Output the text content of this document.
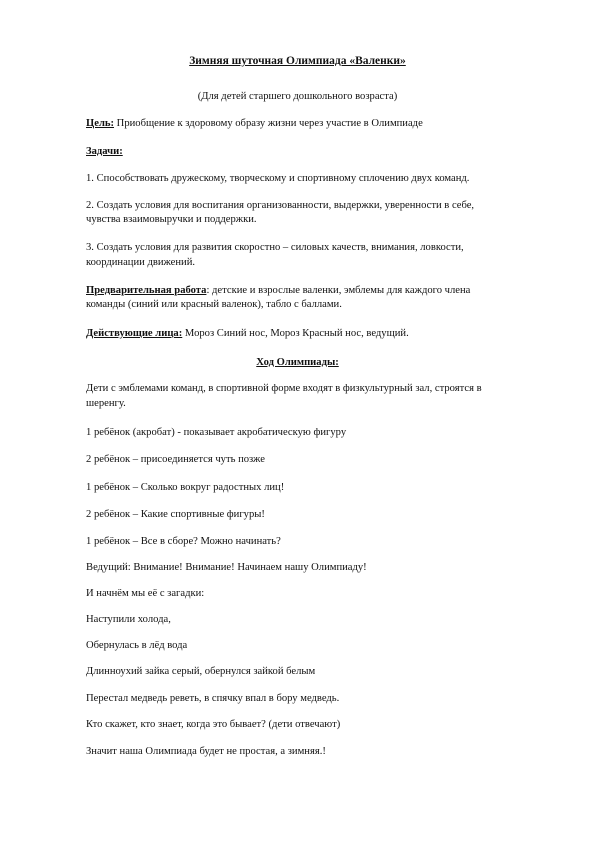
Зимняя шуточная Олимпиада «Валенки»
(Для детей старшего дошкольного возраста)
Цель: Приобщение к здоровому образу жизни через участие в Олимпиаде
Задачи:
1. Способствовать дружескому, творческому и спортивному сплочению двух команд.
2. Создать условия для воспитания организованности, выдержки, уверенности в себе,
чувства взаимовыручки и поддержки.
3. Создать условия для развития скоростно – силовых качеств, внимания, ловкости,
координации движений.
Предварительная работа: детские и взрослые валенки, эмблемы для каждого члена
команды (синий или красный валенок), табло с баллами.
Действующие лица: Мороз Синий нос, Мороз Красный нос, ведущий.
Ход Олимпиады:
Дети с эмблемами команд, в спортивной форме входят в физкультурный зал, строятся в
шеренгу.
1 ребёнок (акробат) - показывает акробатическую фигуру
2 ребёнок – присоединяется чуть позже
1 ребёнок – Сколько вокруг радостных лиц!
2 ребёнок – Какие спортивные фигуры!
1 ребёнок – Все в сборе? Можно начинать?
Ведущий: Внимание! Внимание! Начинаем нашу Олимпиаду!
И начнём мы её с загадки:
Наступили холода,
Обернулась в лёд вода
Длинноухий зайка серый, обернулся зайкой белым
Перестал медведь реветь, в спячку впал в бору медведь.
Кто скажет, кто знает, когда это бывает? (дети отвечают)
Значит наша Олимпиада будет не простая, а зимняя.!
